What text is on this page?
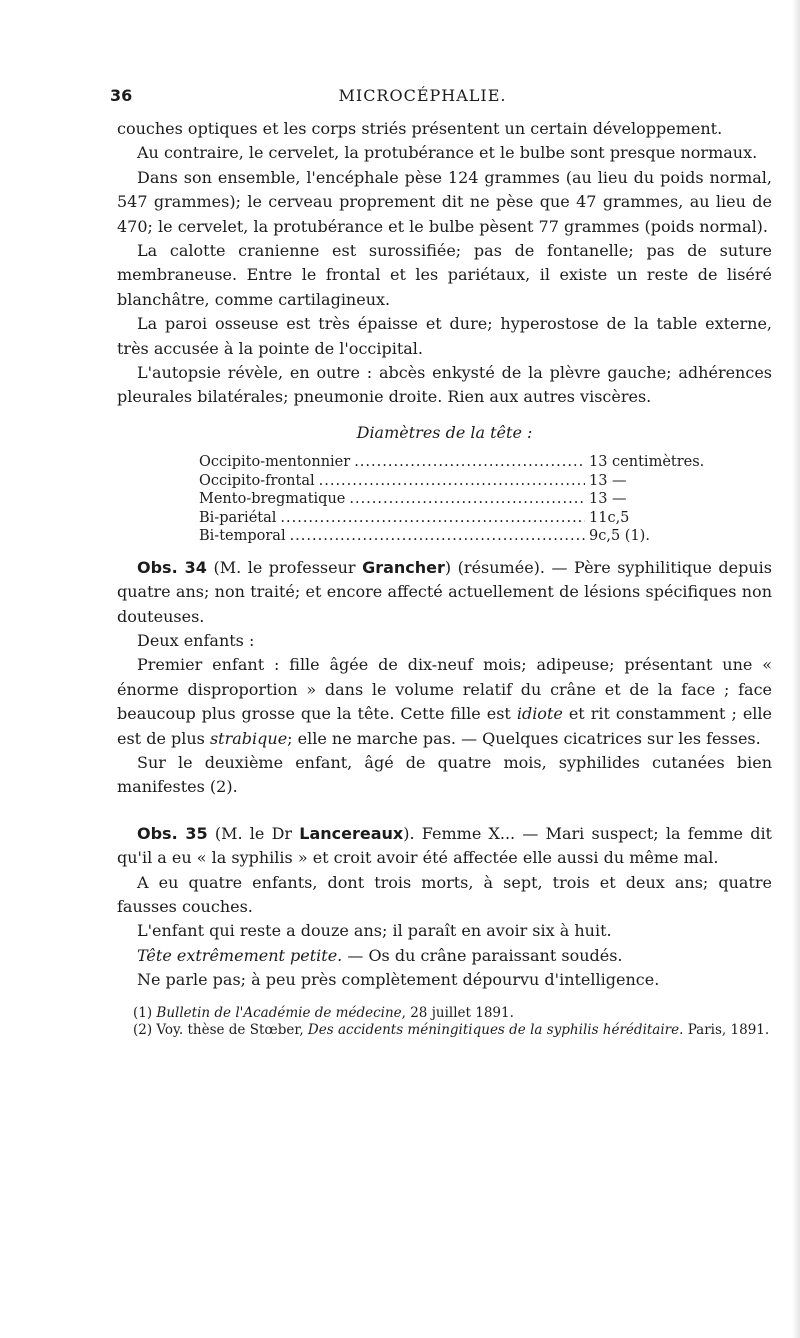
36	MICROCÉPHALIE.

couches optiques et les corps striés présentent un certain développement.

Au contraire, le cervelet, la protubérance et le bulbe sont presque normaux.

Dans son ensemble, l'encéphale pèse 124 grammes (au lieu du poids normal, 547 grammes); le cerveau proprement dit ne pèse que 47 grammes, au lieu de 470; le cervelet, la protubérance et le bulbe pèsent 77 grammes (poids normal).

La calotte cranienne est surossifiée; pas de fontanelle; pas de suture membraneuse. Entre le frontal et les pariétaux, il existe un reste de liséré blanchâtre, comme cartilagineux.

La paroi osseuse est très épaisse et dure; hyperostose de la table externe, très accusée à la pointe de l'occipital.

L'autopsie révèle, en outre : abcès enkysté de la plèvre gauche; adhérences pleurales bilatérales; pneumonie droite. Rien aux autres viscères.

Diamètres de la tête :
Occipito-mentonnier .....	13 centimètres.
Occipito-frontal .....	13 —
Mento-bregmatique .....	13 —
Bi-pariétal .....	11c,5
Bi-temporal .....	9c,5 (1).

Obs. 34 (M. le professeur Grancher) (résumée). — Père syphilitique depuis quatre ans; non traité; et encore affecté actuellement de lésions spécifiques non douteuses.

Deux enfants :

Premier enfant : fille âgée de dix-neuf mois; adipeuse; présentant une « énorme disproportion » dans le volume relatif du crâne et de la face ; face beaucoup plus grosse que la tête. Cette fille est idiote et rit constamment ; elle est de plus strabique; elle ne marche pas. — Quelques cicatrices sur les fesses.

Sur le deuxième enfant, âgé de quatre mois, syphilides cutanées bien manifestes (2).

Obs. 35 (M. le Dr Lancereaux). Femme X... — Mari suspect; la femme dit qu'il a eu « la syphilis » et croit avoir été affectée elle aussi du même mal.

A eu quatre enfants, dont trois morts, à sept, trois et deux ans; quatre fausses couches.

L'enfant qui reste a douze ans; il paraît en avoir six à huit.

Tête extrêmement petite. — Os du crâne paraissant soudés.

Ne parle pas; à peu près complètement dépourvu d'intelligence.

(1) Bulletin de l'Académie de médecine, 28 juillet 1891.

(2) Voy. thèse de Stœber, Des accidents méningitiques de la syphilis héréditaire. Paris, 1891.
